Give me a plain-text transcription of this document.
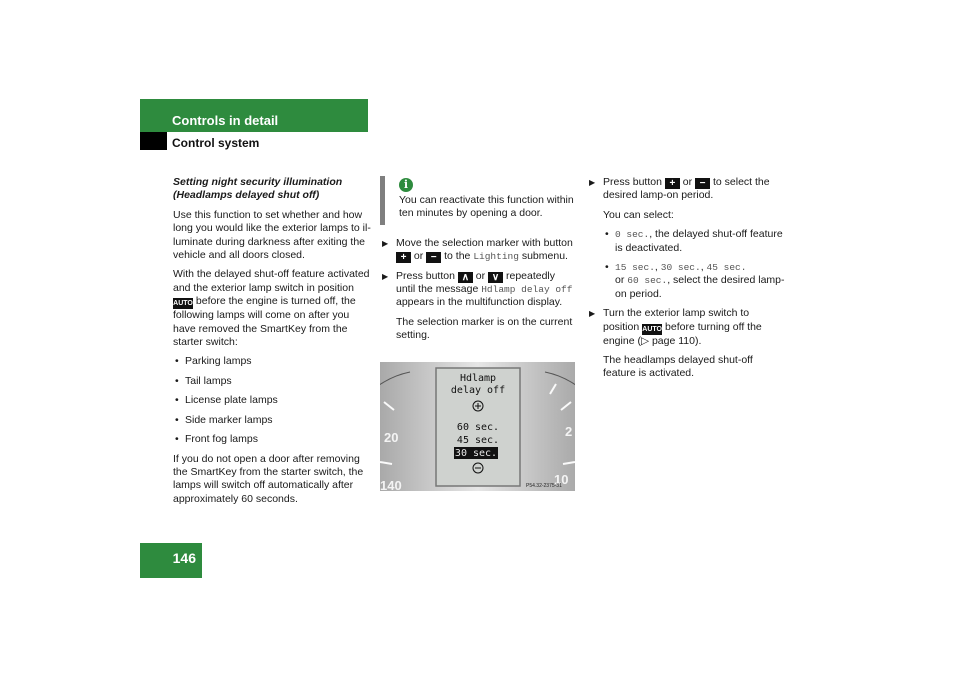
Controls in detail
Control system
Setting night security illumination (Headlamps delayed shut off)
Use this function to set whether and how long you would like the exterior lamps to il-luminate during darkness after exiting the vehicle and all doors closed.
With the delayed shut-off feature activated and the exterior lamp switch in position AUTO before the engine is turned off, the following lamps will come on after you have removed the SmartKey from the starter switch:
• Parking lamps
• Tail lamps
• License plate lamps
• Side marker lamps
• Front fog lamps
If you do not open a door after removing the SmartKey from the starter switch, the lamps will switch off automatically after approximately 60 seconds.
i
You can reactivate this function within ten minutes by opening a door.
▶ Move the selection marker with button + or − to the Lighting submenu.
▶ Press button ∧ or ∨ repeatedly until the message Hdlamp delay off appears in the multifunction display.
The selection marker is on the current setting.
20
140
2
10
Hdlamp
delay off
60 sec.
45 sec.
30 sec.
P54.32-2375-31
▶ Press button + or − to select the desired lamp-on period.
You can select:
• 0 sec., the delayed shut-off feature is deactivated.
• 15 sec., 30 sec., 45 sec.
or 60 sec., select the desired lamp-on period.
▶ Turn the exterior lamp switch to position AUTO before turning off the engine (▷ page 110).
The headlamps delayed shut-off feature is activated.
146
